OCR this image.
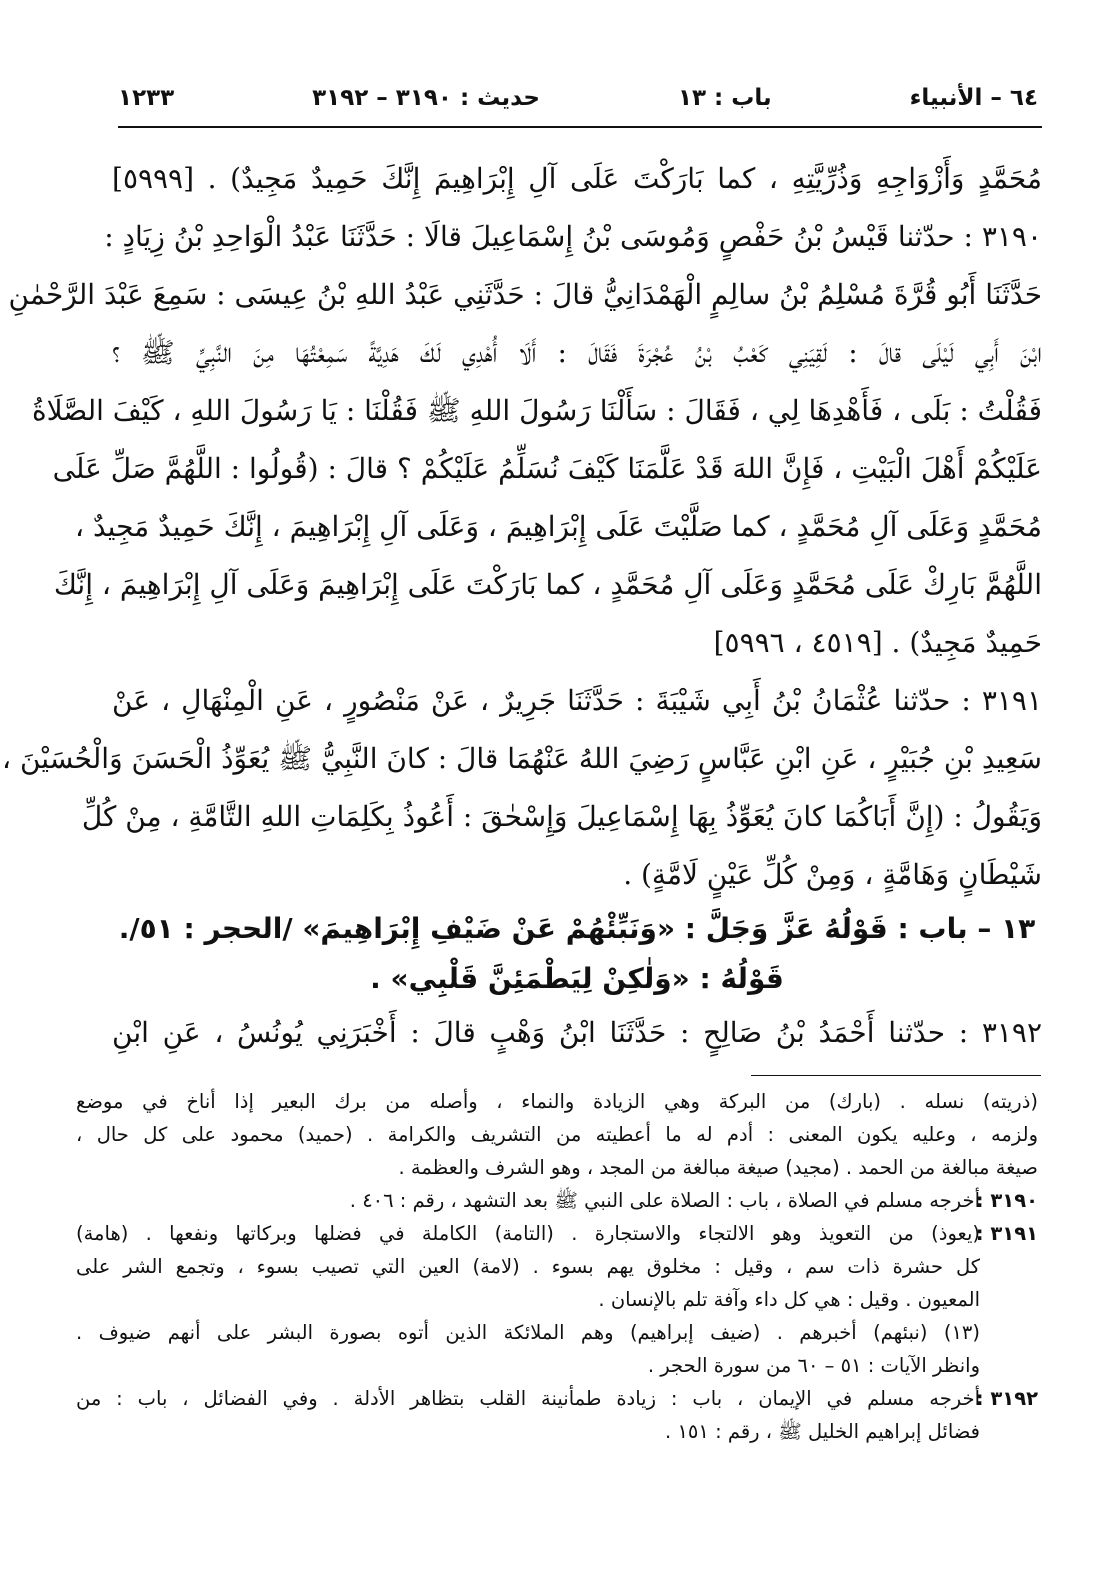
٦٤ – الأنبياء
باب : ١٣
حديث : ٣١٩٠ – ٣١٩٢
١٢٣٣
مُحَمَّدٍ وَأَزْوَاجِهِ وَذُرِّيَّتِهِ ، كما بَارَكْتَ عَلَى آلِ إِبْرَاهِيمَ إِنَّكَ حَمِيدٌ مَجِيدٌ) . [٥٩٩٩]
٣١٩٠ : حدّثنا قَيْسُ بْنُ حَفْصٍ وَمُوسَى بْنُ إِسْمَاعِيلَ قالَا : حَدَّثَنَا عَبْدُ الْوَاحِدِ بْنُ زِيَادٍ :
حَدَّثَنَا أَبُو قُرَّةَ مُسْلِمُ بْنُ سالِمٍ الْهَمْدَانِيُّ قالَ : حَدَّثَنِي عَبْدُ اللهِ بْنُ عِيسَى : سَمِعَ عَبْدَ الرَّحْمٰنِ
ابْنَ أَبِي لَيْلَى قالَ : لَقِيَنِي كَعْبُ بْنُ عُجْرَةَ فَقَالَ : أَلَا أُهْدِي لَكَ هَدِيَّةً سَمِعْتُهَا مِنَ النَّبِيِّ ﷺ ؟
فَقُلْتُ : بَلَى ، فَأَهْدِهَا لِي ، فَقَالَ : سَأَلْنَا رَسُولَ اللهِ ﷺ فَقُلْنَا : يَا رَسُولَ اللهِ ، كَيْفَ الصَّلَاةُ
عَلَيْكُمْ أَهْلَ الْبَيْتِ ، فَإِنَّ اللهَ قَدْ عَلَّمَنَا كَيْفَ نُسَلِّمُ عَلَيْكُمْ ؟ قالَ : (قُولُوا : اللَّهُمَّ صَلِّ عَلَى
مُحَمَّدٍ وَعَلَى آلِ مُحَمَّدٍ ، كما صَلَّيْتَ عَلَى إِبْرَاهِيمَ ، وَعَلَى آلِ إِبْرَاهِيمَ ، إِنَّكَ حَمِيدٌ مَجِيدٌ ،
اللَّهُمَّ بَارِكْ عَلَى مُحَمَّدٍ وَعَلَى آلِ مُحَمَّدٍ ، كما بَارَكْتَ عَلَى إِبْرَاهِيمَ وَعَلَى آلِ إِبْرَاهِيمَ ، إِنَّكَ
حَمِيدٌ مَجِيدٌ) . [٤٥١٩ ، ٥٩٩٦]
٣١٩١ : حدّثنا عُثْمَانُ بْنُ أَبِي شَيْبَةَ : حَدَّثَنَا جَرِيرٌ ، عَنْ مَنْصُورٍ ، عَنِ الْمِنْهَالِ ، عَنْ
سَعِيدِ بْنِ جُبَيْرٍ ، عَنِ ابْنِ عَبَّاسٍ رَضِيَ اللهُ عَنْهُمَا قالَ : كانَ النَّبِيُّ ﷺ يُعَوِّذُ الْحَسَنَ وَالْحُسَيْنَ ،
وَيَقُولُ : (إِنَّ أَبَاكُمَا كانَ يُعَوِّذُ بِهَا إِسْمَاعِيلَ وَإِسْحٰقَ : أَعُوذُ بِكَلِمَاتِ اللهِ التَّامَّةِ ، مِنْ كُلِّ
شَيْطَانٍ وَهَامَّةٍ ، وَمِنْ كُلِّ عَيْنٍ لَامَّةٍ) .
١٣ – باب : قَوْلُهُ عَزَّ وَجَلَّ : «وَنَبِّئْهُمْ عَنْ ضَيْفِ إِبْرَاهِيمَ» /الحجر : ٥١/.
قَوْلُهُ : «وَلٰكِنْ لِيَطْمَئِنَّ قَلْبِي» .
٣١٩٢ : حدّثنا أَحْمَدُ بْنُ صَالِحٍ : حَدَّثَنَا ابْنُ وَهْبٍ قالَ : أَخْبَرَنِي يُونُسُ ، عَنِ ابْنِ
(ذريته) نسله . (بارك) من البركة وهي الزيادة والنماء ، وأصله من برك البعير إذا أناخ في موضع
ولزمه ، وعليه يكون المعنى : أدم له ما أعطيته من التشريف والكرامة . (حميد) محمود على كل حال ،
صيغة مبالغة من الحمد . (مجيد) صيغة مبالغة من المجد ، وهو الشرف والعظمة .
٣١٩٠ :
أخرجه مسلم في الصلاة ، باب : الصلاة على النبي ﷺ بعد التشهد ، رقم : ٤٠٦ .
٣١٩١ :
(يعوذ) من التعويذ وهو الالتجاء والاستجارة . (التامة) الكاملة في فضلها وبركاتها ونفعها . (هامة)
كل حشرة ذات سم ، وقيل : مخلوق يهم بسوء . (لامة) العين التي تصيب بسوء ، وتجمع الشر على
المعيون . وقيل : هي كل داء وآفة تلم بالإنسان .
(١٣) (نبئهم) أخبرهم . (ضيف إبراهيم) وهم الملائكة الذين أتوه بصورة البشر على أنهم ضيوف .
وانظر الآيات : ٥١ – ٦٠ من سورة الحجر .
٣١٩٢ :
أخرجه مسلم في الإيمان ، باب : زيادة طمأنينة القلب بتظاهر الأدلة . وفي الفضائل ، باب : من
فضائل إبراهيم الخليل ﷺ ، رقم : ١٥١ .
